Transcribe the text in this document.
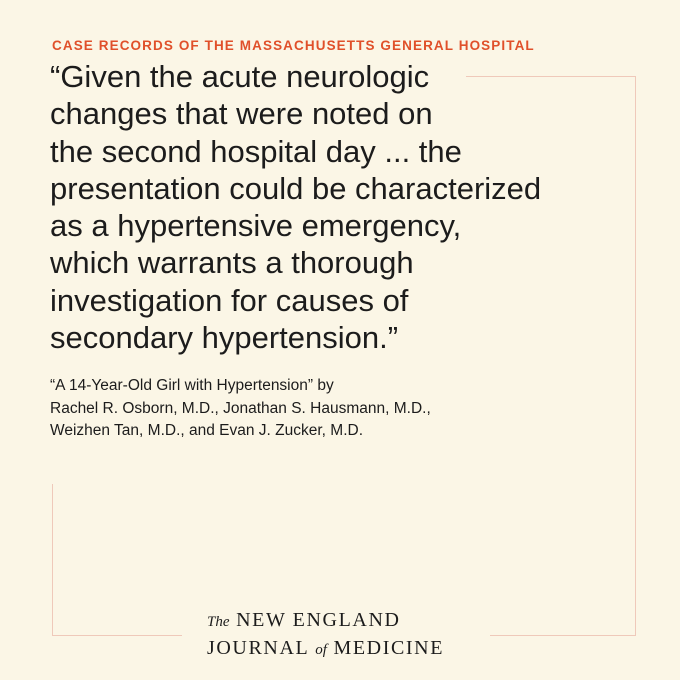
CASE RECORDS OF THE MASSACHUSETTS GENERAL HOSPITAL
“Given the acute neurologic
changes that were noted on
the second hospital day ... the
presentation could be characterized
as a hypertensive emergency,
which warrants a thorough
investigation for causes of
secondary hypertension.”
“A 14-Year-Old Girl with Hypertension” by
Rachel R. Osborn, M.D., Jonathan S. Hausmann, M.D.,
Weizhen Tan, M.D., and Evan J. Zucker, M.D.
The NEW ENGLAND
JOURNAL of MEDICINE
